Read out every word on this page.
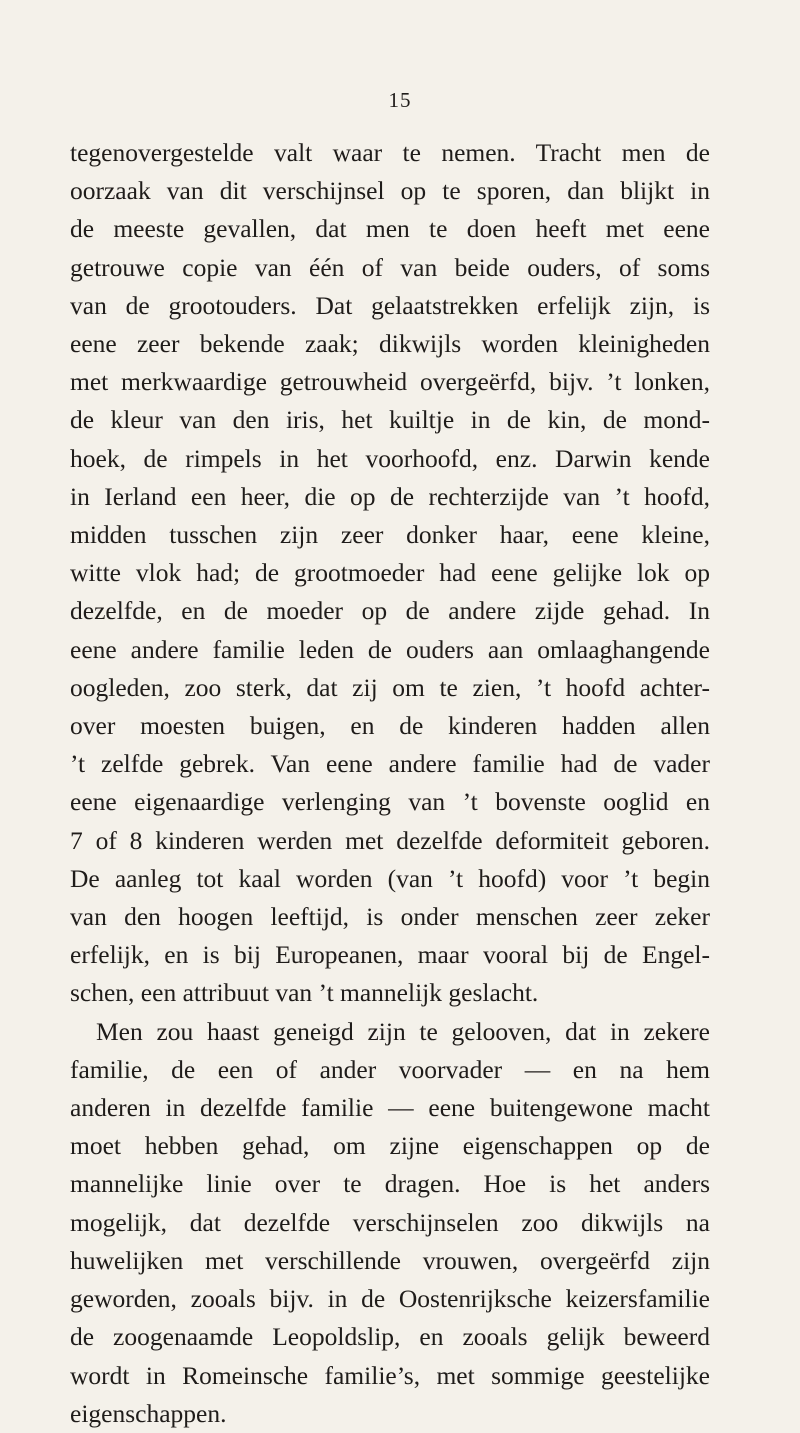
15
tegenovergestelde valt waar te nemen. Tracht men de
oorzaak van dit verschijnsel op te sporen, dan blijkt in
de meeste gevallen, dat men te doen heeft met eene
getrouwe copie van één of van beide ouders, of soms
van de grootouders. Dat gelaatstrekken erfelijk zijn, is
eene zeer bekende zaak; dikwijls worden kleinigheden
met merkwaardige getrouwheid overgeërfd, bijv. ’t lonken,
de kleur van den iris, het kuiltje in de kin, de mond-
hoek, de rimpels in het voorhoofd, enz. Darwin kende
in Ierland een heer, die op de rechterzijde van ’t hoofd,
midden tusschen zijn zeer donker haar, eene kleine,
witte vlok had; de grootmoeder had eene gelijke lok op
dezelfde, en de moeder op de andere zijde gehad. In
eene andere familie leden de ouders aan omlaaghangende
oogleden, zoo sterk, dat zij om te zien, ’t hoofd achter-
over moesten buigen, en de kinderen hadden allen
’t zelfde gebrek. Van eene andere familie had de vader
eene eigenaardige verlenging van ’t bovenste ooglid en
7 of 8 kinderen werden met dezelfde deformiteit geboren.
De aanleg tot kaal worden (van ’t hoofd) voor ’t begin
van den hoogen leeftijd, is onder menschen zeer zeker
erfelijk, en is bij Europeanen, maar vooral bij de Engel-
schen, een attribuut van ’t mannelijk geslacht.
Men zou haast geneigd zijn te gelooven, dat in zekere
familie, de een of ander voorvader — en na hem
anderen in dezelfde familie — eene buitengewone macht
moet hebben gehad, om zijne eigenschappen op de
mannelijke linie over te dragen. Hoe is het anders
mogelijk, dat dezelfde verschijnselen zoo dikwijls na
huwelijken met verschillende vrouwen, overgeërfd zijn
geworden, zooals bijv. in de Oostenrijksche keizersfamilie
de zoogenaamde Leopoldslip, en zooals gelijk beweerd
wordt in Romeinsche familie’s, met sommige geestelijke
eigenschappen.
